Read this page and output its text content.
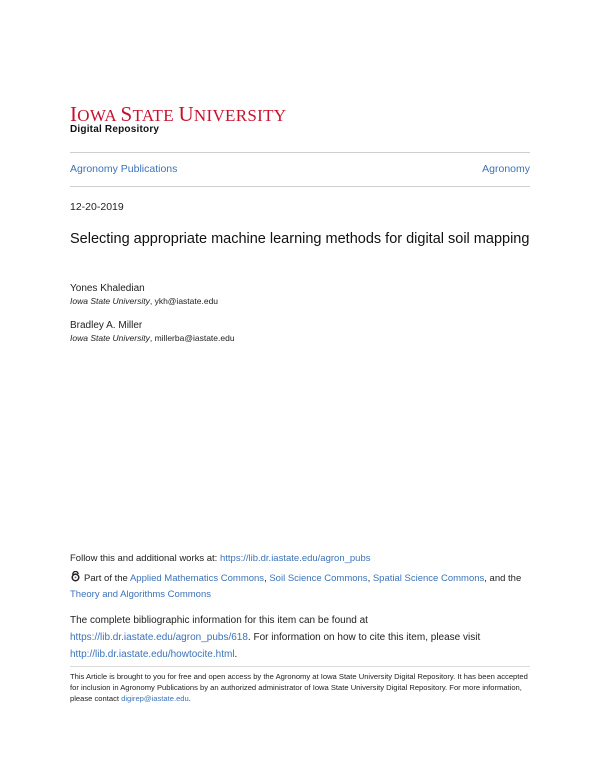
IOWA STATE UNIVERSITY
Digital Repository
Agronomy Publications	Agronomy
12-20-2019
Selecting appropriate machine learning methods for digital soil mapping
Yones Khaledian
Iowa State University, ykh@iastate.edu
Bradley A. Miller
Iowa State University, millerba@iastate.edu
Follow this and additional works at: https://lib.dr.iastate.edu/agron_pubs
Part of the Applied Mathematics Commons, Soil Science Commons, Spatial Science Commons, and the Theory and Algorithms Commons
The complete bibliographic information for this item can be found at https://lib.dr.iastate.edu/agron_pubs/618. For information on how to cite this item, please visit http://lib.dr.iastate.edu/howtocite.html.
This Article is brought to you for free and open access by the Agronomy at Iowa State University Digital Repository. It has been accepted for inclusion in Agronomy Publications by an authorized administrator of Iowa State University Digital Repository. For more information, please contact digirep@iastate.edu.
